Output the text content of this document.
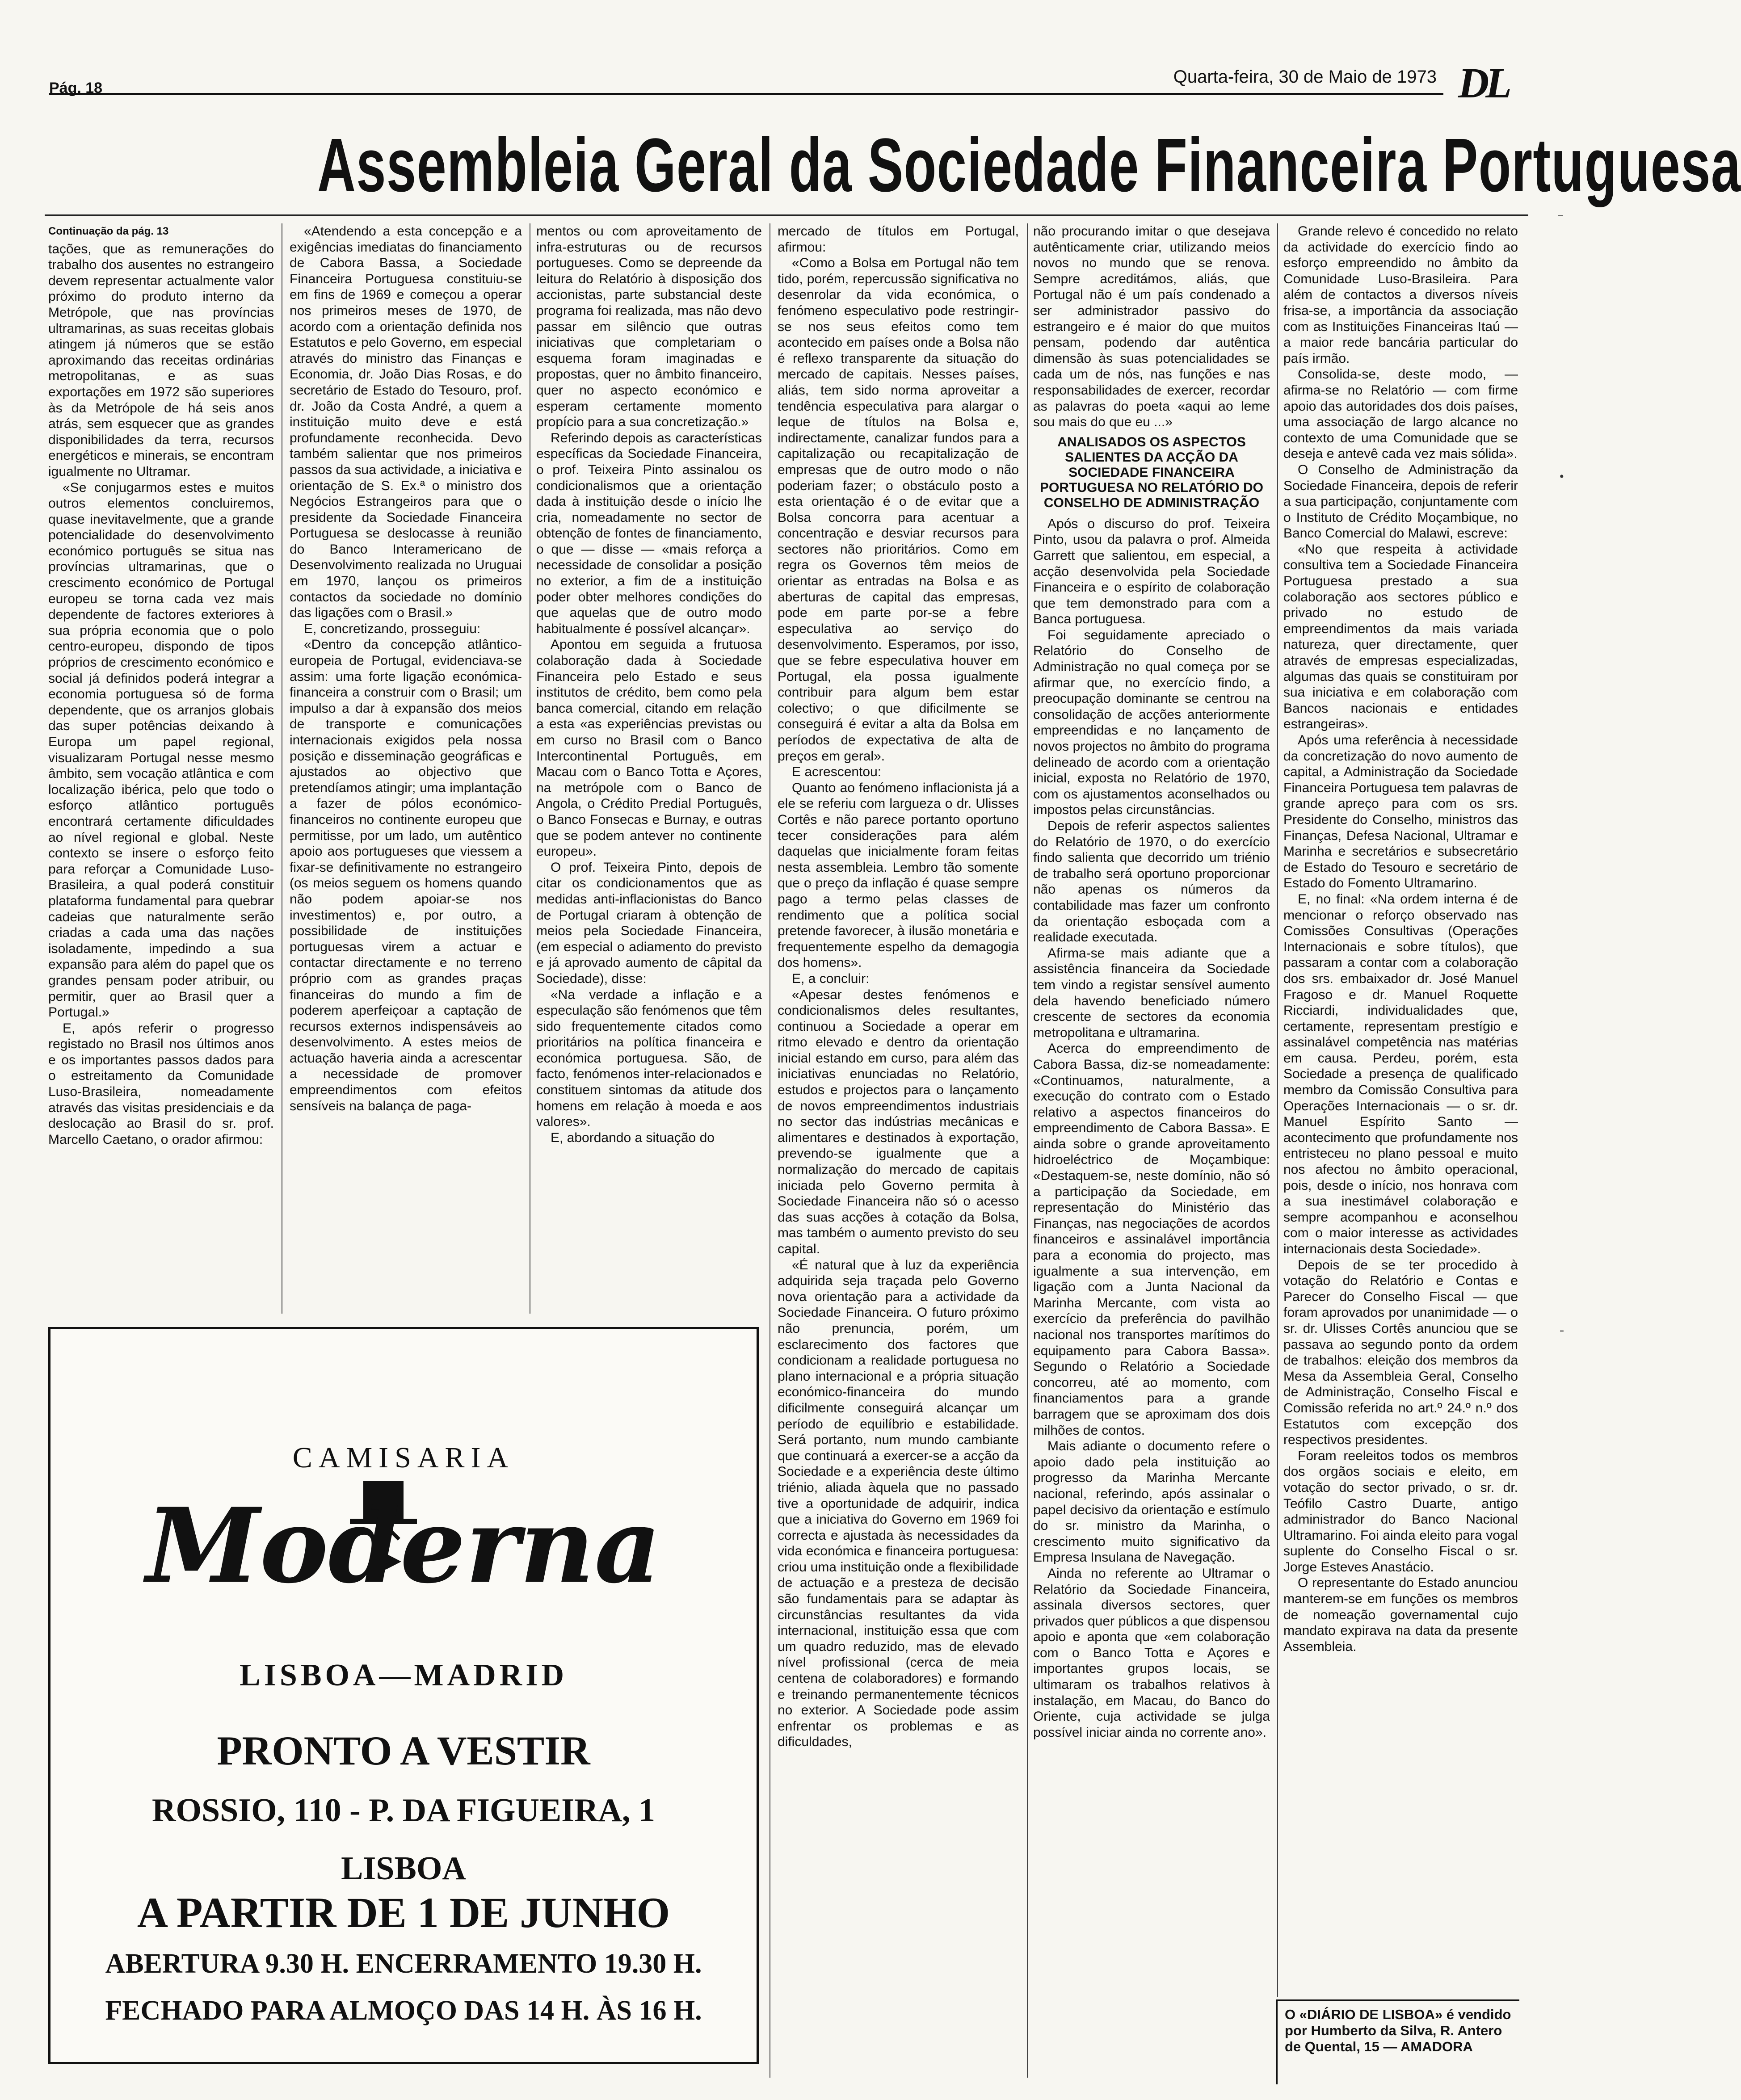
Pág. 18
Quarta-feira, 30 de Maio de 1973 DL
Assembleia Geral da Sociedade Financeira Portuguesa

Continuação da pág. 13

tações, que as remunerações do trabalho dos ausentes no estrangeiro devem representar actualmente valor próximo do produto interno da Metrópole, que nas províncias ultramarinas, as suas receitas globais atingem já números que se estão aproximando das receitas ordinárias metropolitanas, e as suas exportações em 1972 são superiores às da Metrópole de há seis anos atrás, sem esquecer que as grandes disponibilidades da terra, recursos energéticos e minerais, se encontram igualmente no Ultramar.

«Se conjugarmos estes e muitos outros elementos concluiremos, quase inevitavelmente, que a grande potencialidade do desenvolvimento económico português se situa nas províncias ultramarinas, que o crescimento económico de Portugal europeu se torna cada vez mais dependente de factores exteriores à sua própria economia que o polo centro-europeu, dispondo de tipos próprios de crescimento económico e social já definidos poderá integrar a economia portuguesa só de forma dependente, que os arranjos globais das super potências deixando à Europa um papel regional, visualizaram Portugal nesse mesmo âmbito, sem vocação atlântica e com localização ibérica, pelo que todo o esforço atlântico português encontrará certamente dificuldades ao nível regional e global. Neste contexto se insere o esforço feito para reforçar a Comunidade Luso-Brasileira, a qual poderá constituir plataforma fundamental para quebrar cadeias que naturalmente serão criadas a cada uma das nações isoladamente, impedindo a sua expansão para além do papel que os grandes pensam poder atribuir, ou permitir, quer ao Brasil quer a Portugal.»

E, após referir o progresso registado no Brasil nos últimos anos e os importantes passos dados para o estreitamento da Comunidade Luso-Brasileira, nomeadamente através das visitas presidenciais e da deslocação ao Brasil do sr. prof. Marcello Caetano, o orador afirmou:

«Atendendo a esta concepção e a exigências imediatas do financiamento de Cabora Bassa, a Sociedade Financeira Portuguesa constituiu-se em fins de 1969 e começou a operar nos primeiros meses de 1970, de acordo com a orientação definida nos Estatutos e pelo Governo, em especial através do ministro das Finanças e Economia, dr. João Dias Rosas, e do secretário de Estado do Tesouro, prof. dr. João da Costa André, a quem a instituição muito deve e está profundamente reconhecida. Devo também salientar que nos primeiros passos da sua actividade, a iniciativa e orientação de S. Ex.ª o ministro dos Negócios Estrangeiros para que o presidente da Sociedade Financeira Portuguesa se deslocasse à reunião do Banco Interamericano de Desenvolvimento realizada no Uruguai em 1970, lançou os primeiros contactos da sociedade no domínio das ligações com o Brasil.»

E, concretizando, prosseguiu:

«Dentro da concepção atlântico-europeia de Portugal, evidenciava-se assim: uma forte ligação económica-financeira a construir com o Brasil; um impulso a dar à expansão dos meios de transporte e comunicações internacionais exigidos pela nossa posição e disseminação geográficas e ajustados ao objectivo que pretendíamos atingir; uma implantação a fazer de pólos económico-financeiros no continente europeu que permitisse, por um lado, um autêntico apoio aos portugueses que viessem a fixar-se definitivamente no estrangeiro (os meios seguem os homens quando não podem apoiar-se nos investimentos) e, por outro, a possibilidade de instituições portuguesas virem a actuar e contactar directamente e no terreno próprio com as grandes praças financeiras do mundo a fim de poderem aperfeiçoar a captação de recursos externos indispensáveis ao desenvolvimento. A estes meios de actuação haveria ainda a acrescentar a necessidade de promover empreendimentos com efeitos sensíveis na balança de paga-

mentos ou com aproveitamento de infra-estruturas ou de recursos portugueses. Como se depreende da leitura do Relatório à disposição dos accionistas, parte substancial deste programa foi realizada, mas não devo passar em silêncio que outras iniciativas que completariam o esquema foram imaginadas e propostas, quer no âmbito financeiro, quer no aspecto económico e esperam certamente momento propício para a sua concretização.»

Referindo depois as características específicas da Sociedade Financeira, o prof. Teixeira Pinto assinalou os condicionalismos que a orientação dada à instituição desde o início lhe cria, nomeadamente no sector de obtenção de fontes de financiamento, o que — disse — «mais reforça a necessidade de consolidar a posição no exterior, a fim de a instituição poder obter melhores condições do que aquelas que de outro modo habitualmente é possível alcançar».

Apontou em seguida a frutuosa colaboração dada à Sociedade Financeira pelo Estado e seus institutos de crédito, bem como pela banca comercial, citando em relação a esta «as experiências previstas ou em curso no Brasil com o Banco Intercontinental Português, em Macau com o Banco Totta e Açores, na metrópole com o Banco de Angola, o Crédito Predial Português, o Banco Fonsecas e Burnay, e outras que se podem antever no continente europeu».

O prof. Teixeira Pinto, depois de citar os condicionamentos que as medidas anti-inflacionistas do Banco de Portugal criaram à obtenção de meios pela Sociedade Financeira, (em especial o adiamento do previsto e já aprovado aumento de câpital da Sociedade), disse:

«Na verdade a inflação e a especulação são fenómenos que têm sido frequentemente citados como prioritários na política financeira e económica portuguesa. São, de facto, fenómenos inter-relacionados e constituem sintomas da atitude dos homens em relação à moeda e aos valores».

E, abordando a situação do

mercado de títulos em Portugal, afirmou:

«Como a Bolsa em Portugal não tem tido, porém, repercussão significativa no desenrolar da vida económica, o fenómeno especulativo pode restringir-se nos seus efeitos como tem acontecido em países onde a Bolsa não é reflexo transparente da situação do mercado de capitais. Nesses países, aliás, tem sido norma aproveitar a tendência especulativa para alargar o leque de títulos na Bolsa e, indirectamente, canalizar fundos para a capitalização ou recapitalização de empresas que de outro modo o não poderiam fazer; o obstáculo posto a esta orientação é o de evitar que a Bolsa concorra para acentuar a concentração e desviar recursos para sectores não prioritários. Como em regra os Governos têm meios de orientar as entradas na Bolsa e as aberturas de capital das empresas, pode em parte por-se a febre especulativa ao serviço do desenvolvimento. Esperamos, por isso, que se febre especulativa houver em Portugal, ela possa igualmente contribuir para algum bem estar colectivo; o que dificilmente se conseguirá é evitar a alta da Bolsa em períodos de expectativa de alta de preços em geral».

E acrescentou:

Quanto ao fenómeno inflacionista já a ele se referiu com largueza o dr. Ulisses Cortês e não parece portanto oportuno tecer considerações para além daquelas que inicialmente foram feitas nesta assembleia. Lembro tão somente que o preço da inflação é quase sempre pago a termo pelas classes de rendimento que a política social pretende favorecer, à ilusão monetária e frequentemente espelho da demagogia dos homens».

E, a concluir:

«Apesar destes fenómenos e condicionalismos deles resultantes, continuou a Sociedade a operar em ritmo elevado e dentro da orientação inicial estando em curso, para além das iniciativas enunciadas no Relatório, estudos e projectos para o lançamento de novos empreendimentos industriais no sector das indústrias mecânicas e alimentares e destinados à exportação, prevendo-se igualmente que a normalização do mercado de capitais iniciada pelo Governo permita à Sociedade Financeira não só o acesso das suas acções à cotação da Bolsa, mas também o aumento previsto do seu capital.

«É natural que à luz da experiência adquirida seja traçada pelo Governo nova orientação para a actividade da Sociedade Financeira. O futuro próximo não prenuncia, porém, um esclarecimento dos factores que condicionam a realidade portuguesa no plano internacional e a própria situação económico-financeira do mundo dificilmente conseguirá alcançar um período de equilíbrio e estabilidade. Será portanto, num mundo cambiante que continuará a exercer-se a acção da Sociedade e a experiência deste último triénio, aliada àquela que no passado tive a oportunidade de adquirir, indica que a iniciativa do Governo em 1969 foi correcta e ajustada às necessidades da vida económica e financeira portuguesa: criou uma instituição onde a flexibilidade de actuação e a presteza de decisão são fundamentais para se adaptar às circunstâncias resultantes da vida internacional, instituição essa que com um quadro reduzido, mas de elevado nível profissional (cerca de meia centena de colaboradores) e formando e treinando permanentemente técnicos no exterior. A Sociedade pode assim enfrentar os problemas e as dificuldades,

não procurando imitar o que desejava autênticamente criar, utilizando meios novos no mundo que se renova. Sempre acreditámos, aliás, que Portugal não é um país condenado a ser administrador passivo do estrangeiro e é maior do que muitos pensam, podendo dar autêntica dimensão às suas potencialidades se cada um de nós, nas funções e nas responsabilidades de exercer, recordar as palavras do poeta «aqui ao leme sou mais do que eu ...»

ANALISADOS OS ASPECTOS SALIENTES DA ACÇÃO DA SOCIEDADE FINANCEIRA PORTUGUESA NO RELATÓRIO DO CONSELHO DE ADMINISTRAÇÃO

Após o discurso do prof. Teixeira Pinto, usou da palavra o prof. Almeida Garrett que salientou, em especial, a acção desenvolvida pela Sociedade Financeira e o espírito de colaboração que tem demonstrado para com a Banca portuguesa.

Foi seguidamente apreciado o Relatório do Conselho de Administração no qual começa por se afirmar que, no exercício findo, a preocupação dominante se centrou na consolidação de acções anteriormente empreendidas e no lançamento de novos projectos no âmbito do programa delineado de acordo com a orientação inicial, exposta no Relatório de 1970, com os ajustamentos aconselhados ou impostos pelas circunstâncias.

Depois de referir aspectos salientes do Relatório de 1970, o do exercício findo salienta que decorrido um triénio de trabalho será oportuno proporcionar não apenas os números da contabilidade mas fazer um confronto da orientação esboçada com a realidade executada.

Afirma-se mais adiante que a assistência financeira da Sociedade tem vindo a registar sensível aumento dela havendo beneficiado número crescente de sectores da economia metropolitana e ultramarina.

Acerca do empreendimento de Cabora Bassa, diz-se nomeadamente: «Continuamos, naturalmente, a execução do contrato com o Estado relativo a aspectos financeiros do empreendimento de Cabora Bassa». E ainda sobre o grande aproveitamento hidroeléctrico de Moçambique: «Destaquem-se, neste domínio, não só a participação da Sociedade, em representação do Ministério das Finanças, nas negociações de acordos financeiros e assinalável importância para a economia do projecto, mas igualmente a sua intervenção, em ligação com a Junta Nacional da Marinha Mercante, com vista ao exercício da preferência do pavilhão nacional nos transportes marítimos do equipamento para Cabora Bassa». Segundo o Relatório a Sociedade concorreu, até ao momento, com financiamentos para a grande barragem que se aproximam dos dois milhões de contos.

Mais adiante o documento refere o apoio dado pela instituição ao progresso da Marinha Mercante nacional, referindo, após assinalar o papel decisivo da orientação e estímulo do sr. ministro da Marinha, o crescimento muito significativo da Empresa Insulana de Navegação.

Ainda no referente ao Ultramar o Relatório da Sociedade Financeira, assinala diversos sectores, quer privados quer públicos a que dispensou apoio e aponta que «em colaboração com o Banco Totta e Açores e importantes grupos locais, se ultimaram os trabalhos relativos à instalação, em Macau, do Banco do Oriente, cuja actividade se julga possível iniciar ainda no corrente ano».

Grande relevo é concedido no relato da actividade do exercício findo ao esforço empreendido no âmbito da Comunidade Luso-Brasileira. Para além de contactos a diversos níveis frisa-se, a importância da associação com as Instituições Financeiras Itaú — a maior rede bancária particular do país irmão.

Consolida-se, deste modo, — afirma-se no Relatório — com firme apoio das autoridades dos dois países, uma associação de largo alcance no contexto de uma Comunidade que se deseja e antevê cada vez mais sólida».

O Conselho de Administração da Sociedade Financeira, depois de referir a sua participação, conjuntamente com o Instituto de Crédito Moçambique, no Banco Comercial do Malawi, escreve:

«No que respeita à actividade consultiva tem a Sociedade Financeira Portuguesa prestado a sua colaboração aos sectores público e privado no estudo de empreendimentos da mais variada natureza, quer directamente, quer através de empresas especializadas, algumas das quais se constituiram por sua iniciativa e em colaboração com Bancos nacionais e entidades estrangeiras».

Após uma referência à necessidade da concretização do novo aumento de capital, a Administração da Sociedade Financeira Portuguesa tem palavras de grande apreço para com os srs. Presidente do Conselho, ministros das Finanças, Defesa Nacional, Ultramar e Marinha e secretários e subsecretário de Estado do Tesouro e secretário de Estado do Fomento Ultramarino.

E, no final: «Na ordem interna é de mencionar o reforço observado nas Comissões Consultivas (Operações Internacionais e sobre títulos), que passaram a contar com a colaboração dos srs. embaixador dr. José Manuel Fragoso e dr. Manuel Roquette Ricciardi, individualidades que, certamente, representam prestígio e assinalável competência nas matérias em causa. Perdeu, porém, esta Sociedade a presença de qualificado membro da Comissão Consultiva para Operações Internacionais — o sr. dr. Manuel Espírito Santo — acontecimento que profundamente nos entristeceu no plano pessoal e muito nos afectou no âmbito operacional, pois, desde o início, nos honrava com a sua inestimável colaboração e sempre acompanhou e aconselhou com o maior interesse as actividades internacionais desta Sociedade».

Depois de se ter procedido à votação do Relatório e Contas e Parecer do Conselho Fiscal — que foram aprovados por unanimidade — o sr. dr. Ulisses Cortês anunciou que se passava ao segundo ponto da ordem de trabalhos: eleição dos membros da Mesa da Assembleia Geral, Conselho de Administração, Conselho Fiscal e Comissão referida no art.º 24.º n.º dos Estatutos com excepção dos respectivos presidentes.

Foram reeleitos todos os membros dos orgãos sociais e eleito, em votação do sector privado, o sr. dr. Teófilo Castro Duarte, antigo administrador do Banco Nacional Ultramarino. Foi ainda eleito para vogal suplente do Conselho Fiscal o sr. Jorge Esteves Anastácio.

O representante do Estado anunciou manterem-se em funções os membros de nomeação governamental cujo mandato expirava na data da presente Assembleia.

CAMISARIA
Moderna
LISBOA—MADRID
PRONTO A VESTIR
ROSSIO, 110 - P. DA FIGUEIRA, 1
LISBOA
A PARTIR DE 1 DE JUNHO
ABERTURA 9.30 H. ENCERRAMENTO 19.30 H.
FECHADO PARA ALMOÇO DAS 14 H. ÀS 16 H.	O «DIÁRIO DE LISBOA» é vendido por Humberto da Silva, R. Antero de Quental, 15 — AMADORA
⁻
•
-
